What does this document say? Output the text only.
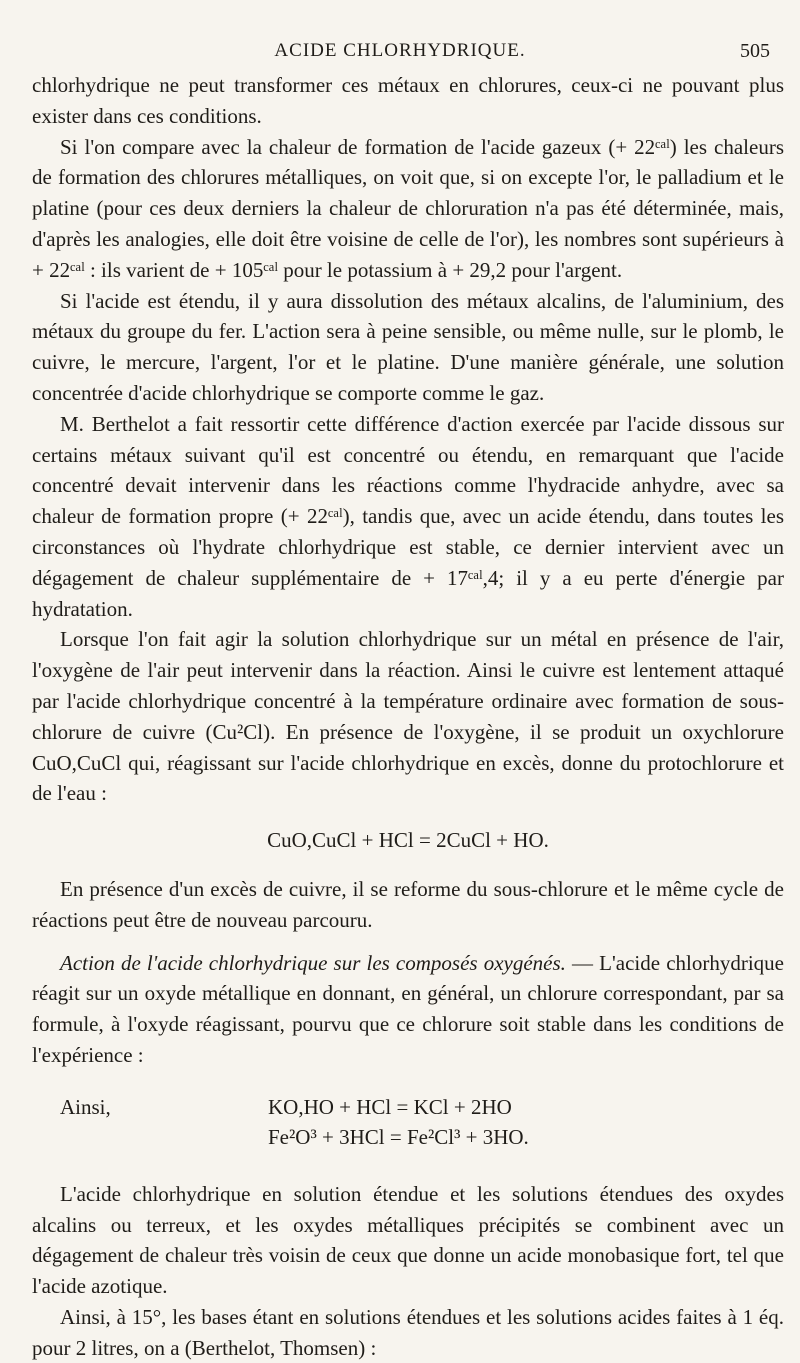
ACIDE CHLORHYDRIQUE.	505

chlorhydrique ne peut transformer ces métaux en chlorures, ceux-ci ne pouvant plus exister dans ces conditions.

Si l'on compare avec la chaleur de formation de l'acide gazeux (+ 22ᶜᵃˡ) les chaleurs de formation des chlorures métalliques, on voit que, si on excepte l'or, le palladium et le platine (pour ces deux derniers la chaleur de chloruration n'a pas été déterminée, mais, d'après les analogies, elle doit être voisine de celle de l'or), les nombres sont supérieurs à + 22ᶜᵃˡ : ils varient de + 105ᶜᵃˡ pour le potassium à + 29,2 pour l'argent.

Si l'acide est étendu, il y aura dissolution des métaux alcalins, de l'aluminium, des métaux du groupe du fer. L'action sera à peine sensible, ou même nulle, sur le plomb, le cuivre, le mercure, l'argent, l'or et le platine. D'une manière générale, une solution concentrée d'acide chlorhydrique se comporte comme le gaz.

M. Berthelot a fait ressortir cette différence d'action exercée par l'acide dissous sur certains métaux suivant qu'il est concentré ou étendu, en remarquant que l'acide concentré devait intervenir dans les réactions comme l'hydracide anhydre, avec sa chaleur de formation propre (+ 22ᶜᵃˡ), tandis que, avec un acide étendu, dans toutes les circonstances où l'hydrate chlorhydrique est stable, ce dernier intervient avec un dégagement de chaleur supplémentaire de + 17ᶜᵃˡ,4; il y a eu perte d'énergie par hydratation.

Lorsque l'on fait agir la solution chlorhydrique sur un métal en présence de l'air, l'oxygène de l'air peut intervenir dans la réaction. Ainsi le cuivre est lentement attaqué par l'acide chlorhydrique concentré à la température ordinaire avec formation de sous-chlorure de cuivre (Cu²Cl). En présence de l'oxygène, il se produit un oxychlorure CuO,CuCl qui, réagissant sur l'acide chlorhydrique en excès, donne du protochlorure et de l'eau :

CuO,CuCl + HCl = 2CuCl + HO.

En présence d'un excès de cuivre, il se reforme du sous-chlorure et le même cycle de réactions peut être de nouveau parcouru.

Action de l'acide chlorhydrique sur les composés oxygénés. — L'acide chlorhydrique réagit sur un oxyde métallique en donnant, en général, un chlorure correspondant, par sa formule, à l'oxyde réagissant, pourvu que ce chlorure soit stable dans les conditions de l'expérience :

Ainsi,	KO,HO + HCl = KCl + 2HO
Fe²O³ + 3HCl = Fe²Cl³ + 3HO.

L'acide chlorhydrique en solution étendue et les solutions étendues des oxydes alcalins ou terreux, et les oxydes métalliques précipités se combinent avec un dégagement de chaleur très voisin de ceux que donne un acide monobasique fort, tel que l'acide azotique.

Ainsi, à 15°, les bases étant en solutions étendues et les solutions acides faites à 1 éq. pour 2 litres, on a (Berthelot, Thomsen) :
